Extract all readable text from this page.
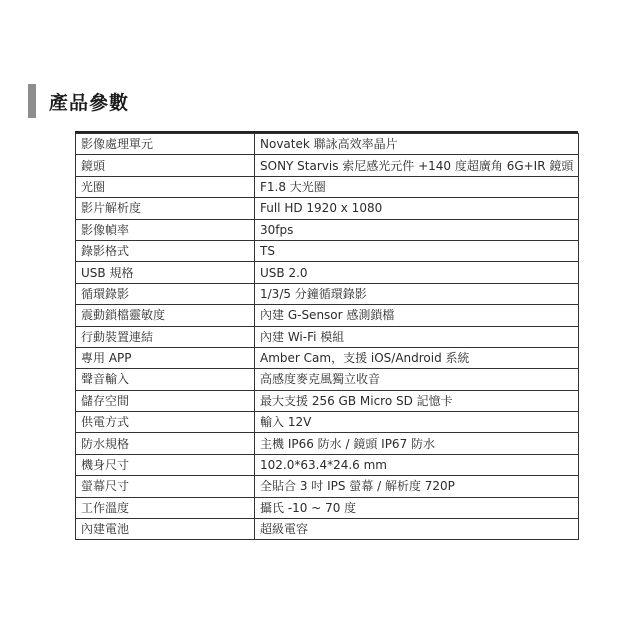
產品參數
影像處理單元	Novatek 聯詠高效率晶片
鏡頭	SONY Starvis 索尼感光元件 +140 度超廣角 6G+IR 鏡頭
光圈	F1.8 大光圈
影片解析度	Full HD 1920 x 1080
影像幀率	30fps
錄影格式	TS
USB 規格	USB 2.0
循環錄影	1/3/5 分鐘循環錄影
震動鎖檔靈敏度	內建 G-Sensor 感測鎖檔
行動裝置連結	內建 Wi-Fi 模組
專用 APP	Amber Cam，支援 iOS/Android 系統
聲音輸入	高感度麥克風獨立收音
儲存空間	最大支援 256 GB Micro SD 記憶卡
供電方式	輸入 12V
防水規格	主機 IP66 防水 / 鏡頭 IP67 防水
機身尺寸	102.0*63.4*24.6 mm
螢幕尺寸	全貼合 3 吋 IPS 螢幕 / 解析度 720P
工作溫度	攝氏 -10 ~ 70 度
內建電池	超級電容
